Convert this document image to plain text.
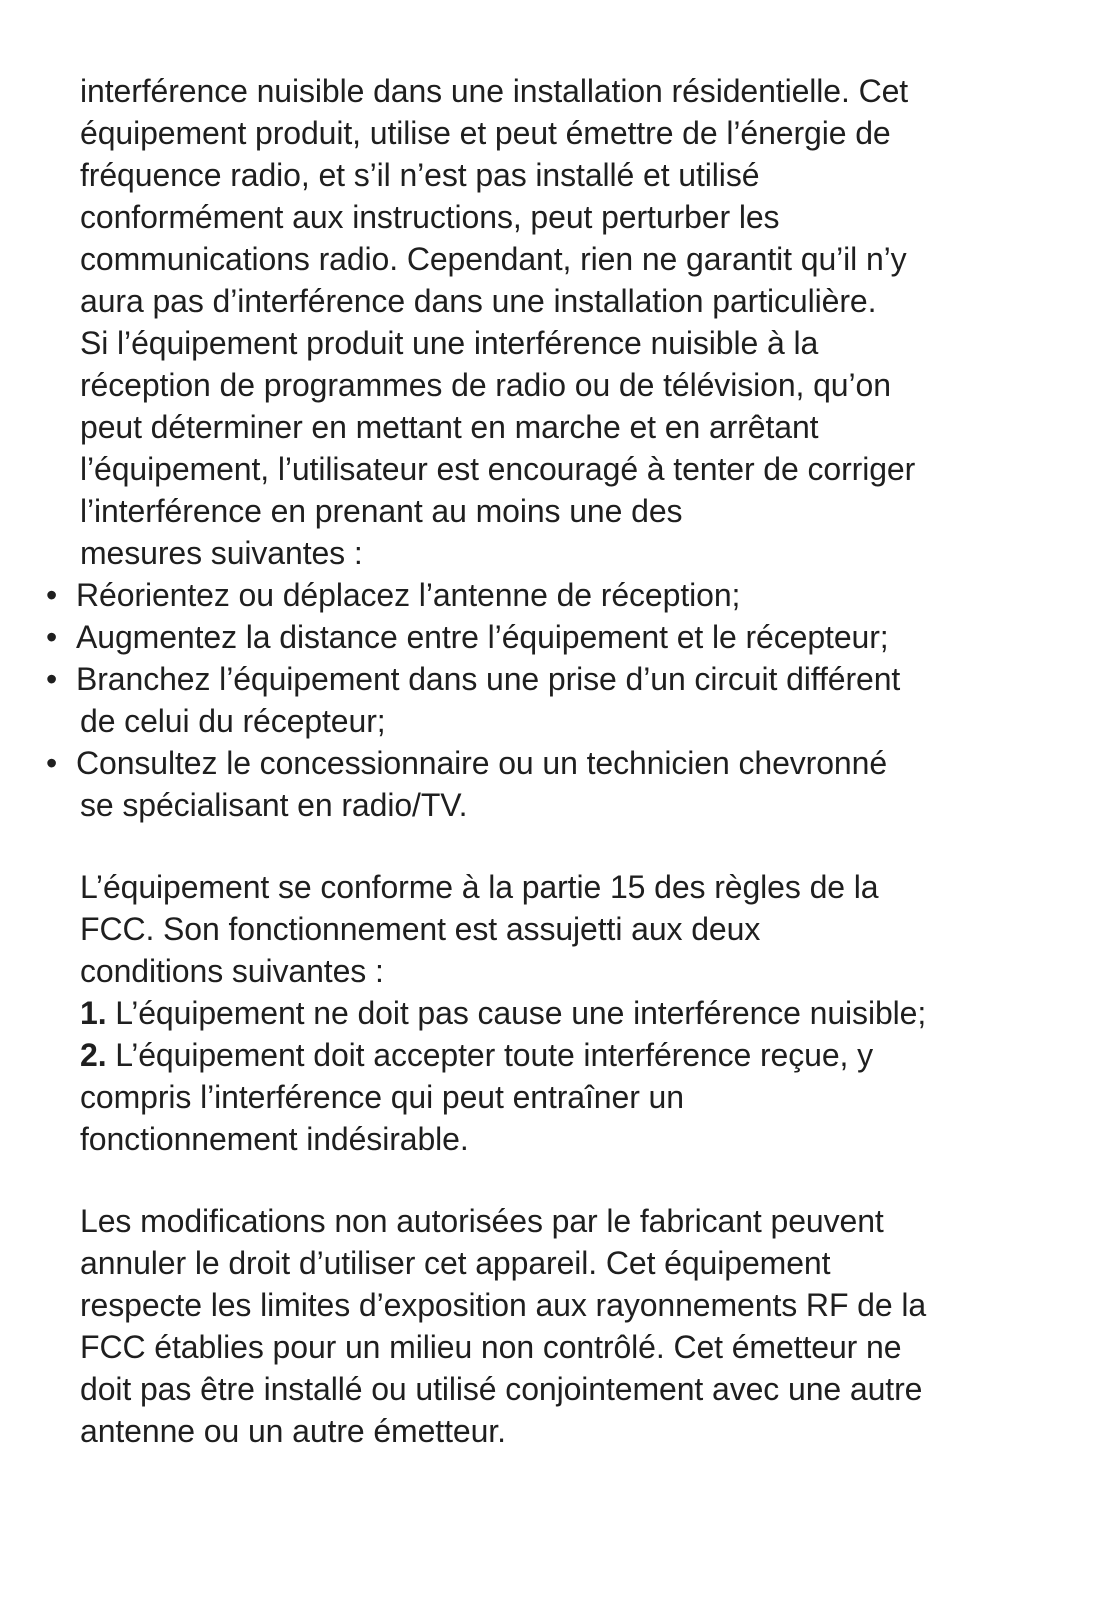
interférence nuisible dans une installation résidentielle. Cet
équipement produit, utilise et peut émettre de l’énergie de
fréquence radio, et s’il n’est pas installé et utilisé
conformément aux instructions, peut perturber les
communications radio. Cependant, rien ne garantit qu’il n’y
aura pas d’interférence dans une installation particulière.
Si l’équipement produit une interférence nuisible à la
réception de programmes de radio ou de télévision, qu’on
peut déterminer en mettant en marche et en arrêtant
l’équipement, l’utilisateur est encouragé à tenter de corriger
l’interférence en prenant au moins une des
mesures suivantes :
• Réorientez ou déplacez l’antenne de réception;
• Augmentez la distance entre l’équipement et le récepteur;
• Branchez l’équipement dans une prise d’un circuit différent
de celui du récepteur;
• Consultez le concessionnaire ou un technicien chevronné
se spécialisant en radio/TV.
L’équipement se conforme à la partie 15 des règles de la
FCC. Son fonctionnement est assujetti aux deux
conditions suivantes :
1. L’équipement ne doit pas cause une interférence nuisible;
2. L’équipement doit accepter toute interférence reçue, y
compris l’interférence qui peut entraîner un
fonctionnement indésirable.
Les modifications non autorisées par le fabricant peuvent
annuler le droit d’utiliser cet appareil. Cet équipement
respecte les limites d’exposition aux rayonnements RF de la
FCC établies pour un milieu non contrôlé. Cet émetteur ne
doit pas être installé ou utilisé conjointement avec une autre
antenne ou un autre émetteur.
